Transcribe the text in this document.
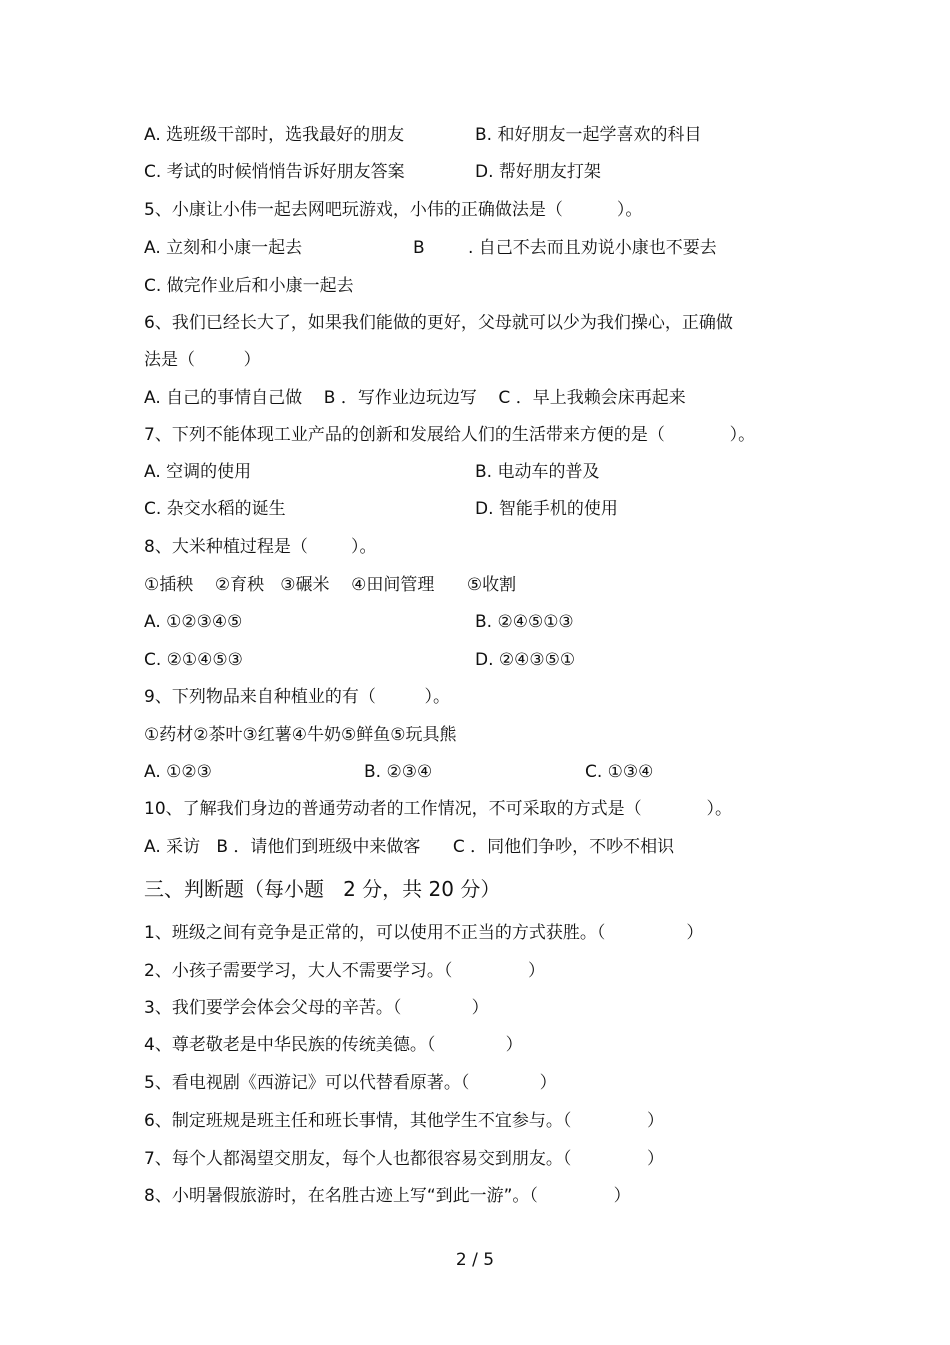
A. 选班级干部时，选我最好的朋友	B. 和好朋友一起学喜欢的科目
C. 考试的时候悄悄告诉好朋友答案	D. 帮好朋友打架
5、小康让小伟一起去网吧玩游戏，小伟的正确做法是（          ）。
A. 立刻和小康一起去	B	. 自己不去而且劝说小康也不要去
C. 做完作业后和小康一起去
6、我们已经长大了，如果我们能做的更好，父母就可以少为我们操心，正确做
法是（         ）
A. 自己的事情自己做    B ．写作业边玩边写    C ．早上我赖会床再起来
7、下列不能体现工业产品的创新和发展给人们的生活带来方便的是（            ）。
A. 空调的使用	B. 电动车的普及
C. 杂交水稻的诞生	D. 智能手机的使用
8、大米种植过程是（        ）。
①插秧    ②育秧   ③碾米    ④田间管理      ⑤收割
A. ①②③④⑤	B. ②④⑤①③
C. ②①④⑤③	D. ②④③⑤①
9、下列物品来自种植业的有（         ）。
①药材②茶叶③红薯④牛奶⑤鲜鱼⑤玩具熊
A. ①②③	B. ②③④	C. ①③④
10、了解我们身边的普通劳动者的工作情况，不可采取的方式是（            ）。
A. 采访   B ．请他们到班级中来做客      C ．同他们争吵，不吵不相识
三、判断题（每小题   2 分，共 20 分）
1、班级之间有竞争是正常的，可以使用不正当的方式获胜。（               ）
2、小孩子需要学习，大人不需要学习。（              ）
3、我们要学会体会父母的辛苦。（             ）
4、尊老敬老是中华民族的传统美德。（             ）
5、看电视剧《西游记》可以代替看原著。（             ）
6、制定班规是班主任和班长事情，其他学生不宜参与。（              ）
7、每个人都渴望交朋友，每个人也都很容易交到朋友。（              ）
8、小明暑假旅游时，在名胜古迹上写“到此一游”。（              ）
2 / 5
